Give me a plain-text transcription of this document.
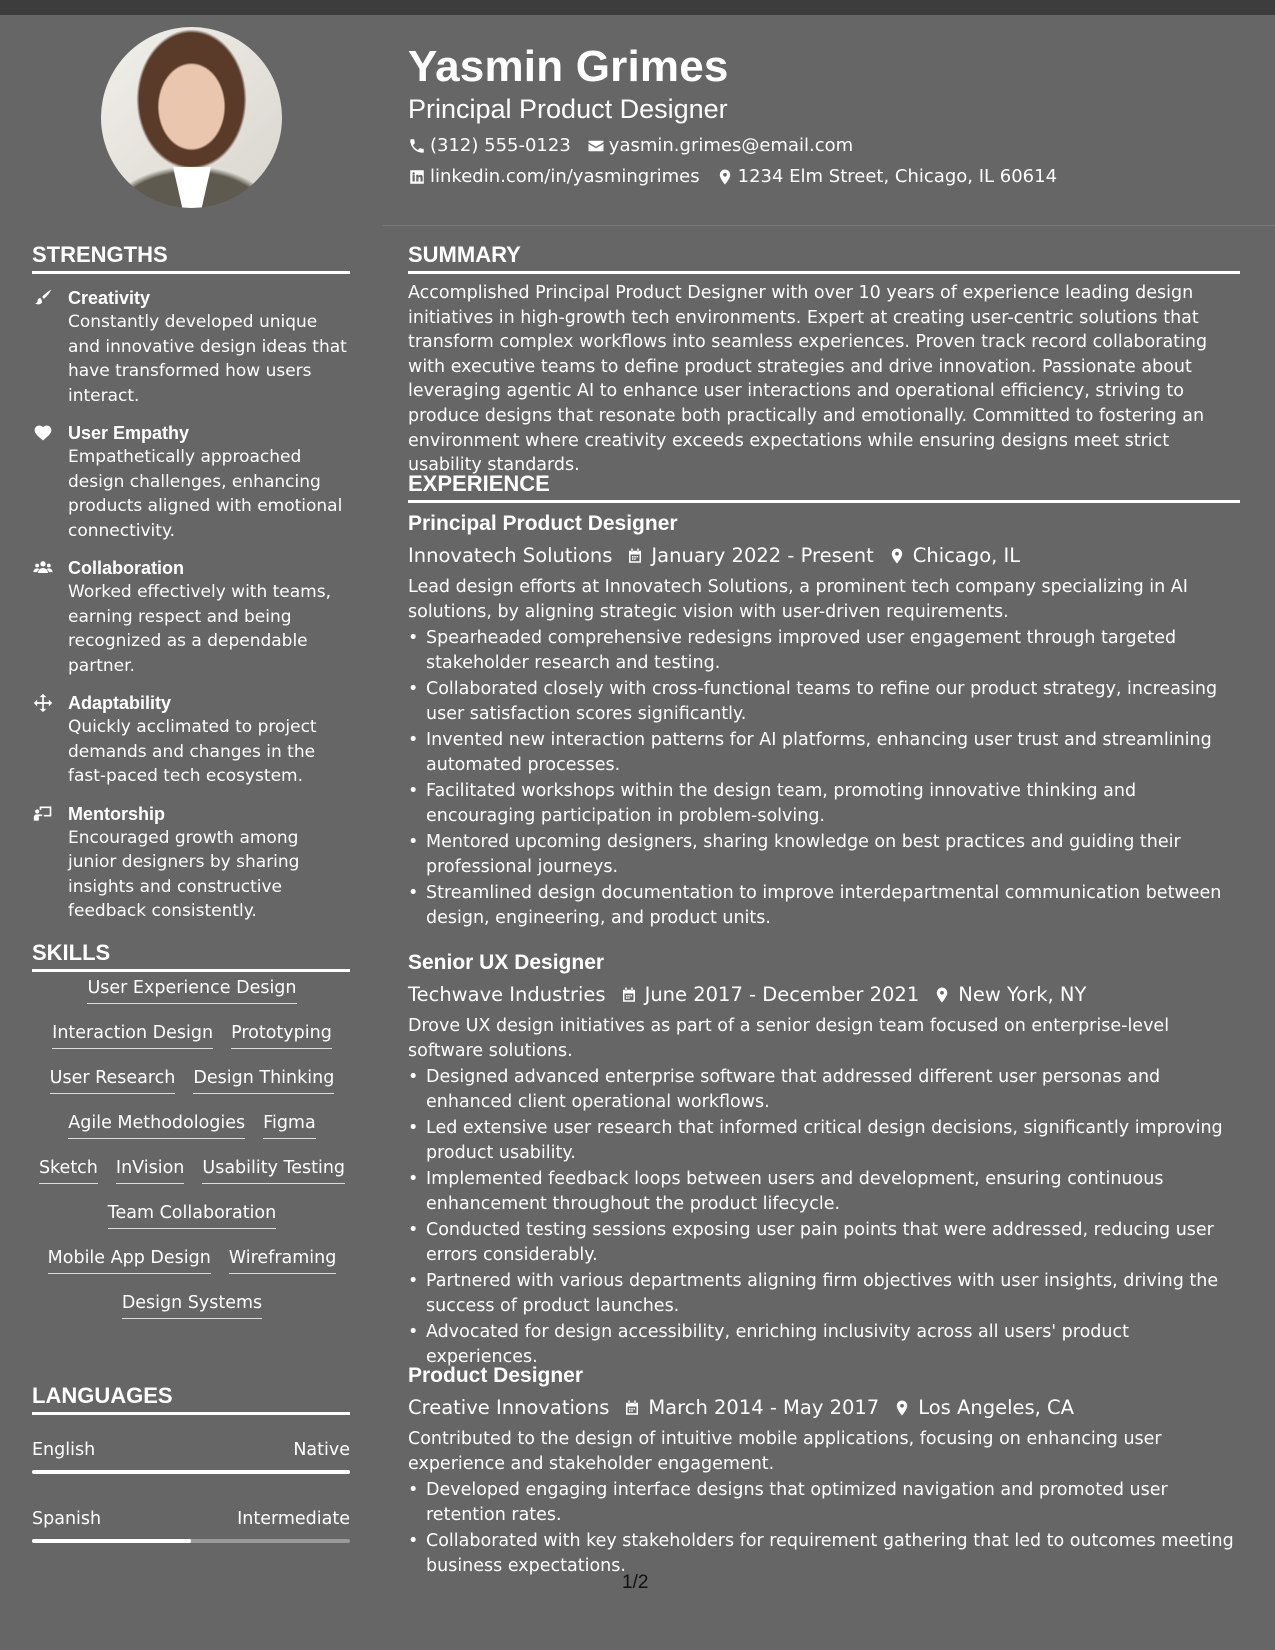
Yasmin Grimes
Principal Product Designer
(312) 555-0123 yasmin.grimes@email.com
linkedin.com/in/yasmingrimes 1234 Elm Street, Chicago, IL 60614
STRENGTHS
Creativity
Constantly developed unique and innovative design ideas that have transformed how users interact.
User Empathy
Empathetically approached design challenges, enhancing products aligned with emotional connectivity.
Collaboration
Worked effectively with teams, earning respect and being recognized as a dependable partner.
Adaptability
Quickly acclimated to project demands and changes in the fast-paced tech ecosystem.
Mentorship
Encouraged growth among junior designers by sharing insights and constructive feedback consistently.
SKILLS
User Experience Design
Interaction Design Prototyping
User Research Design Thinking
Agile Methodologies Figma
Sketch InVision Usability Testing
Team Collaboration
Mobile App Design Wireframing
Design Systems
LANGUAGES
English	Native
Spanish	Intermediate
SUMMARY
Accomplished Principal Product Designer with over 10 years of experience leading design initiatives in high-growth tech environments. Expert at creating user-centric solutions that transform complex workflows into seamless experiences. Proven track record collaborating with executive teams to define product strategies and drive innovation. Passionate about leveraging agentic AI to enhance user interactions and operational efficiency, striving to produce designs that resonate both practically and emotionally. Committed to fostering an environment where creativity exceeds expectations while ensuring designs meet strict usability standards.
EXPERIENCE
Principal Product Designer
Innovatech Solutions January 2022 - Present Chicago, IL
Lead design efforts at Innovatech Solutions, a prominent tech company specializing in AI solutions, by aligning strategic vision with user-driven requirements.
• Spearheaded comprehensive redesigns improved user engagement through targeted stakeholder research and testing.
• Collaborated closely with cross-functional teams to refine our product strategy, increasing user satisfaction scores significantly.
• Invented new interaction patterns for AI platforms, enhancing user trust and streamlining automated processes.
• Facilitated workshops within the design team, promoting innovative thinking and encouraging participation in problem-solving.
• Mentored upcoming designers, sharing knowledge on best practices and guiding their professional journeys.
• Streamlined design documentation to improve interdepartmental communication between design, engineering, and product units.
Senior UX Designer
Techwave Industries June 2017 - December 2021 New York, NY
Drove UX design initiatives as part of a senior design team focused on enterprise-level software solutions.
• Designed advanced enterprise software that addressed different user personas and enhanced client operational workflows.
• Led extensive user research that informed critical design decisions, significantly improving product usability.
• Implemented feedback loops between users and development, ensuring continuous enhancement throughout the product lifecycle.
• Conducted testing sessions exposing user pain points that were addressed, reducing user errors considerably.
• Partnered with various departments aligning firm objectives with user insights, driving the success of product launches.
• Advocated for design accessibility, enriching inclusivity across all users' product experiences.
Product Designer
Creative Innovations March 2014 - May 2017 Los Angeles, CA
Contributed to the design of intuitive mobile applications, focusing on enhancing user experience and stakeholder engagement.
• Developed engaging interface designs that optimized navigation and promoted user retention rates.
• Collaborated with key stakeholders for requirement gathering that led to outcomes meeting business expectations.
1/2
